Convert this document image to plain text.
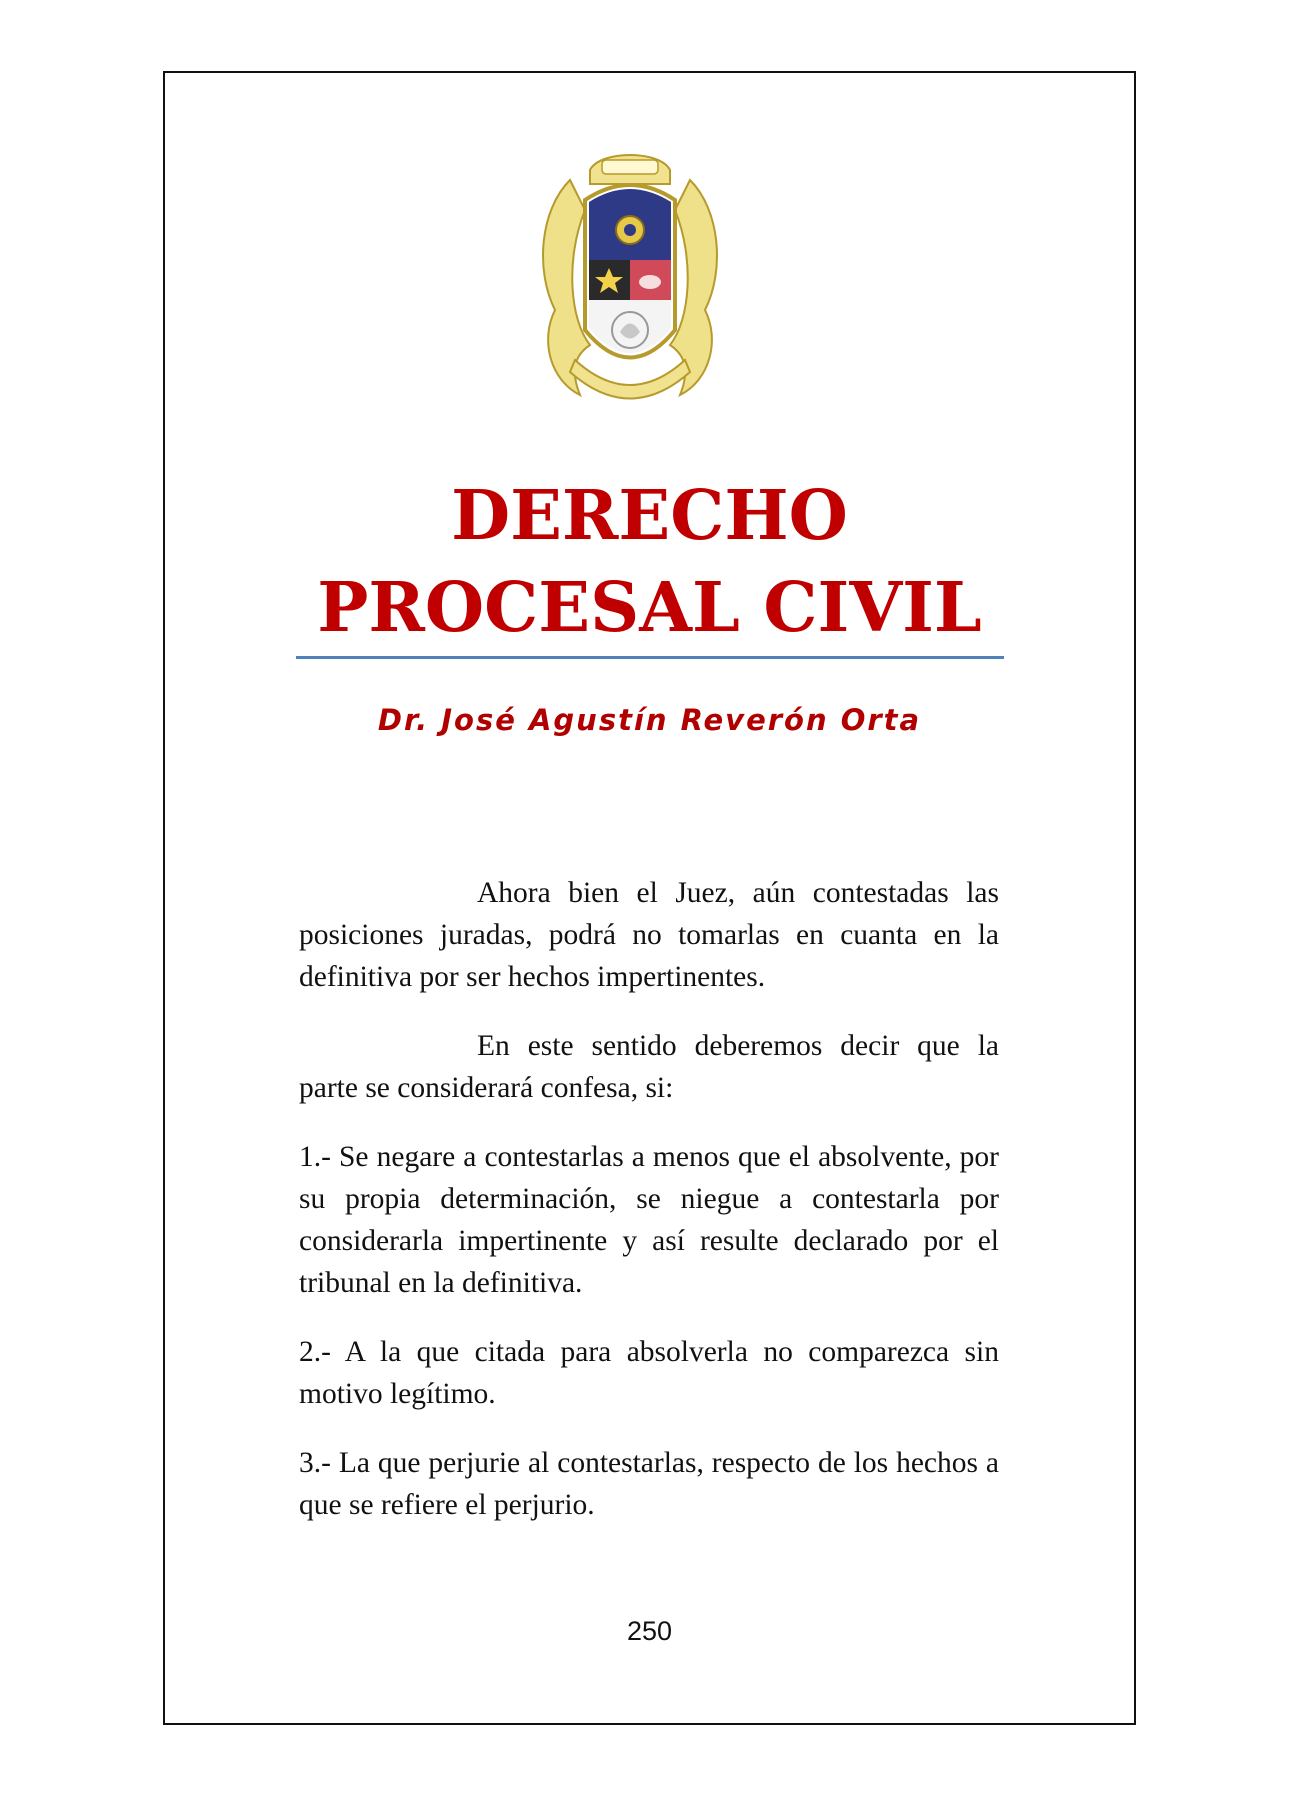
DERECHO
PROCESAL CIVIL
Dr. José Agustín Reverón Orta

Ahora bien el Juez, aún contestadas las posiciones juradas, podrá no tomarlas en cuanta en la definitiva por ser hechos impertinentes.

En este sentido deberemos decir que la parte se considerará confesa, si:

1.- Se negare a contestarlas a menos que el absolvente, por su propia determinación, se niegue a contestarla por considerarla impertinente y así resulte declarado por el tribunal en la definitiva.

2.- A la que citada para absolverla no comparezca sin motivo legítimo.

3.- La que perjurie al contestarlas, respecto de los hechos a que se refiere el perjurio.

250
